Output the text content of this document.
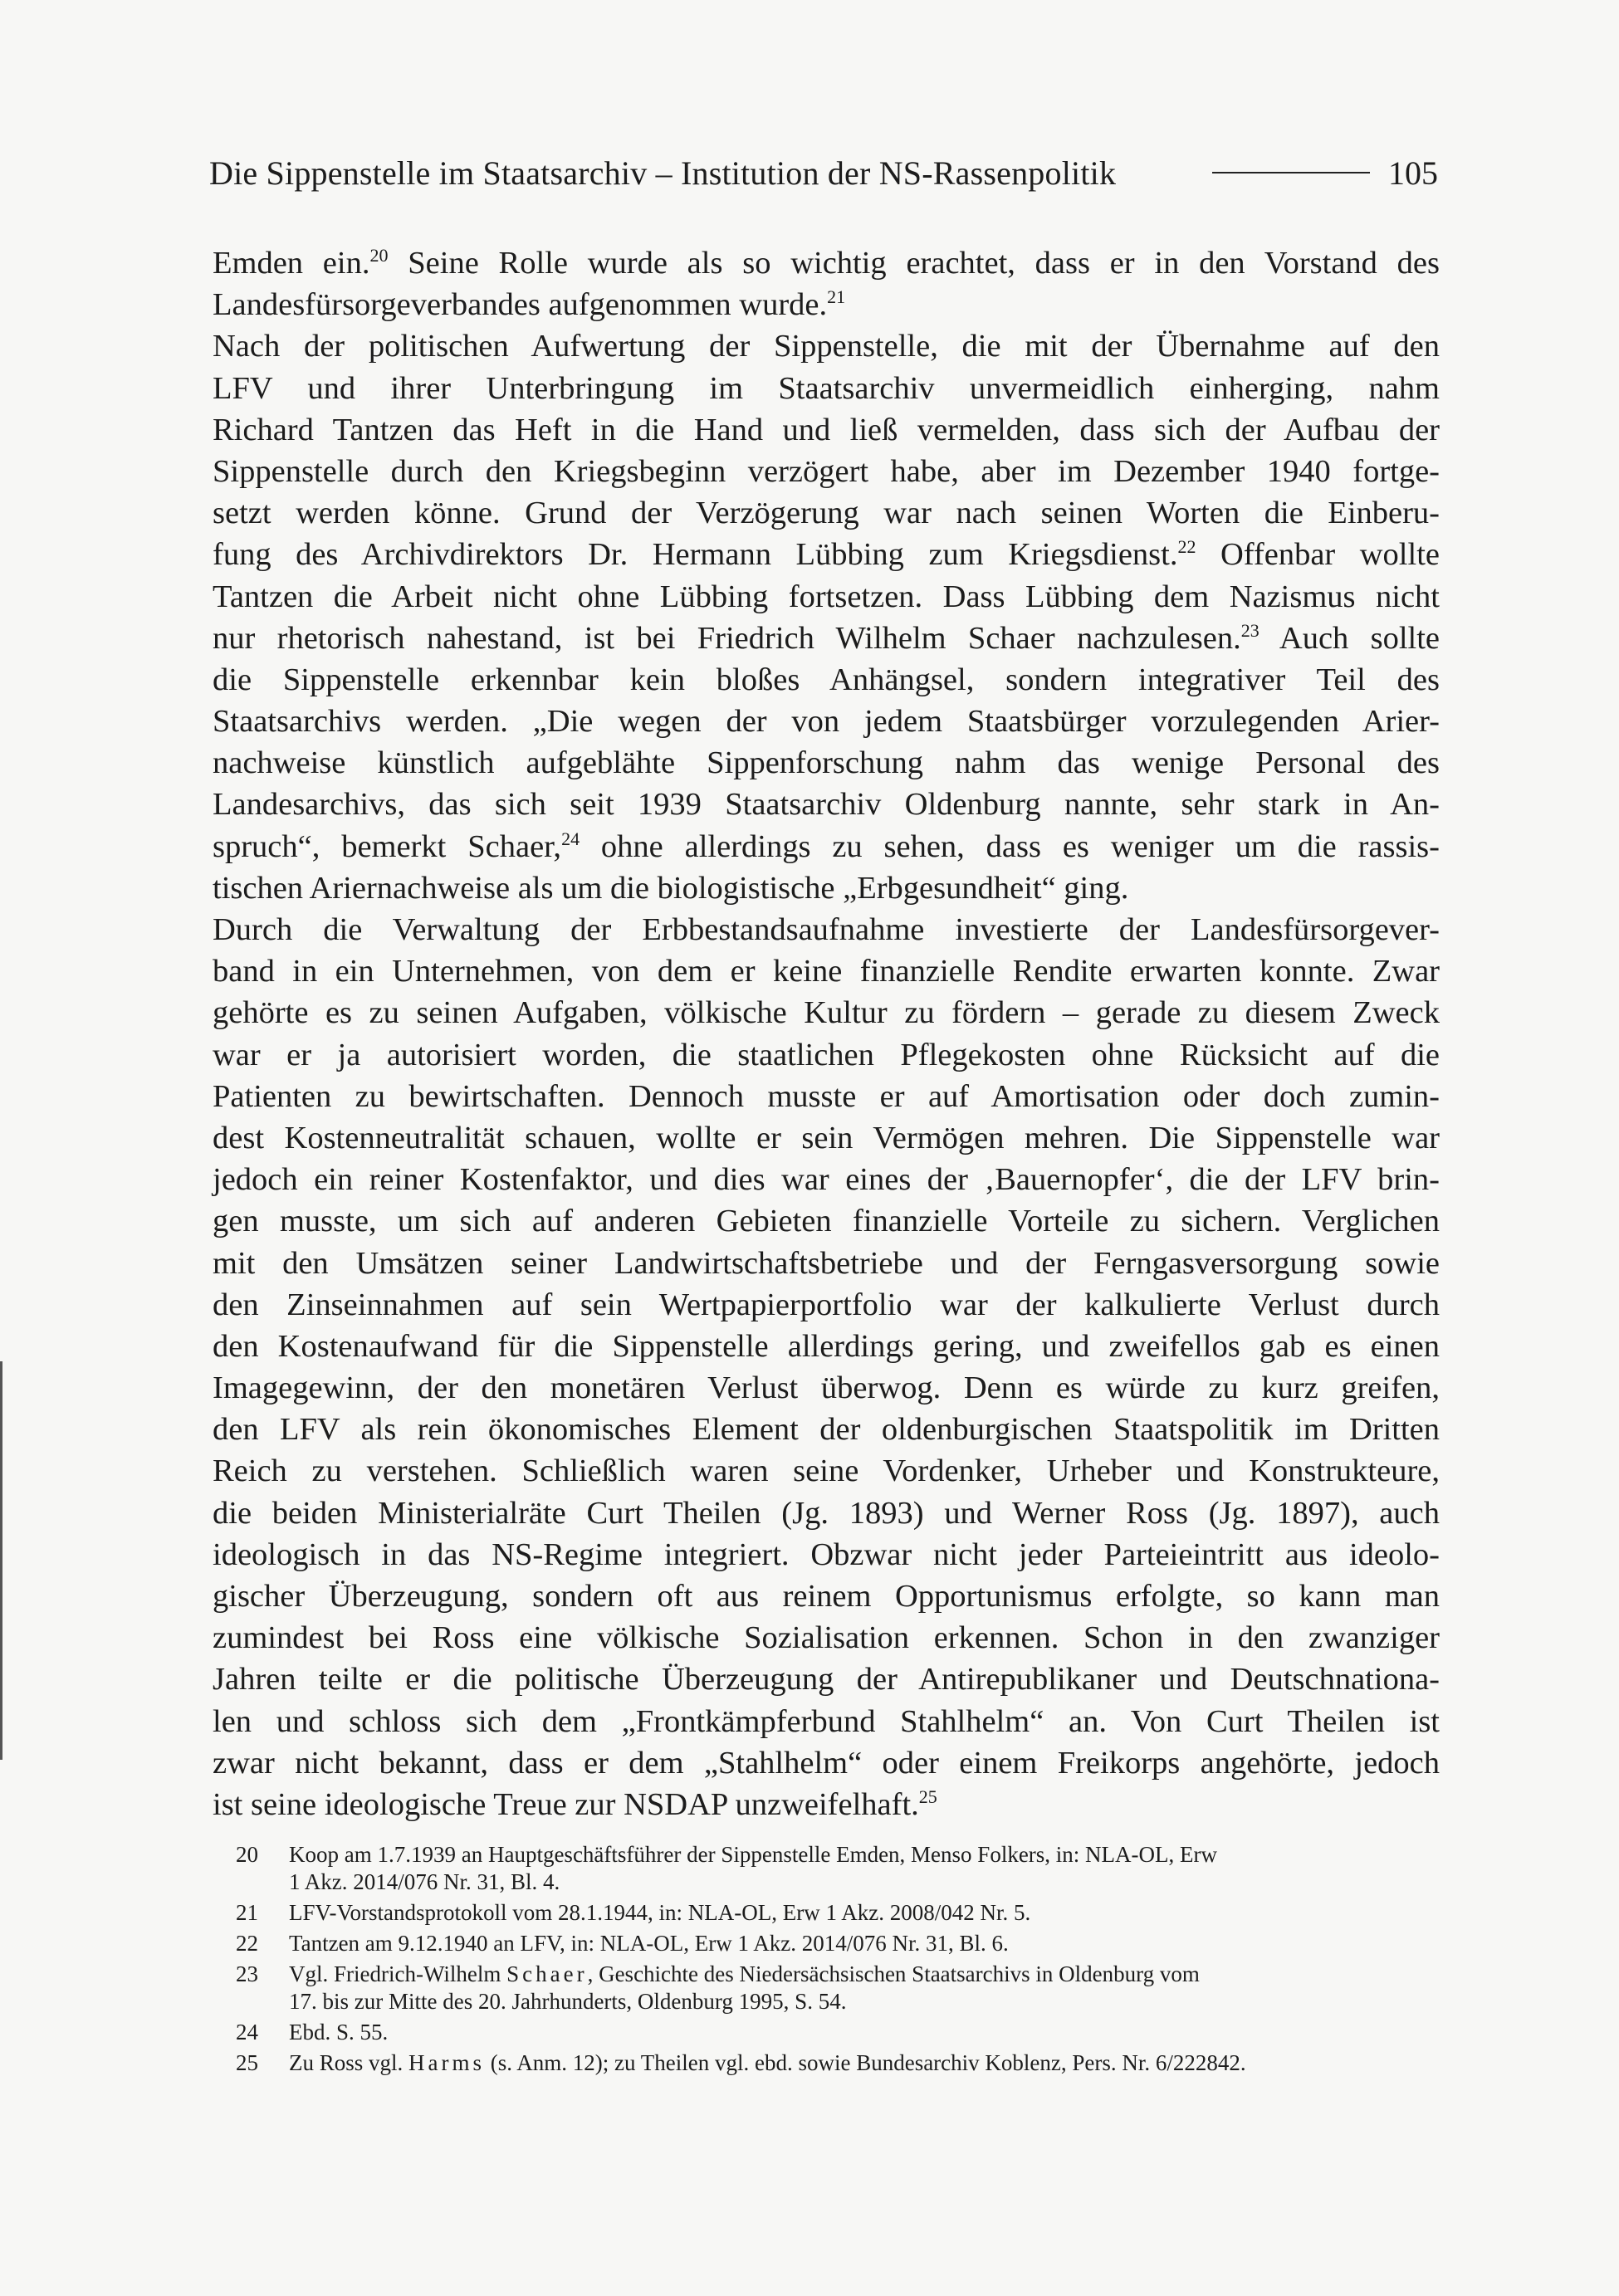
Die Sippenstelle im Staatsarchiv – Institution der NS-Rassenpolitik	105
Emden ein.$^{20}$ Seine Rolle wurde als so wichtig erachtet, dass er in den Vorstand des
Landesfürsorgeverbandes aufgenommen wurde.$^{21}$
Nach der politischen Aufwertung der Sippenstelle, die mit der Übernahme auf den
LFV und ihrer Unterbringung im Staatsarchiv unvermeidlich einherging, nahm
Richard Tantzen das Heft in die Hand und ließ vermelden, dass sich der Aufbau der
Sippenstelle durch den Kriegsbeginn verzögert habe, aber im Dezember 1940 fortge-
setzt werden könne. Grund der Verzögerung war nach seinen Worten die Einberu-
fung des Archivdirektors Dr. Hermann Lübbing zum Kriegsdienst.$^{22}$ Offenbar wollte
Tantzen die Arbeit nicht ohne Lübbing fortsetzen. Dass Lübbing dem Nazismus nicht
nur rhetorisch nahestand, ist bei Friedrich Wilhelm Schaer nachzulesen.$^{23}$ Auch sollte
die Sippenstelle erkennbar kein bloßes Anhängsel, sondern integrativer Teil des
Staatsarchivs werden. „Die wegen der von jedem Staatsbürger vorzulegenden Arier-
nachweise künstlich aufgeblähte Sippenforschung nahm das wenige Personal des
Landesarchivs, das sich seit 1939 Staatsarchiv Oldenburg nannte, sehr stark in An-
spruch“, bemerkt Schaer,$^{24}$ ohne allerdings zu sehen, dass es weniger um die rassis-
tischen Ariernachweise als um die biologistische „Erbgesundheit“ ging.
Durch die Verwaltung der Erbbestandsaufnahme investierte der Landesfürsorgever-
band in ein Unternehmen, von dem er keine finanzielle Rendite erwarten konnte. Zwar
gehörte es zu seinen Aufgaben, völkische Kultur zu fördern – gerade zu diesem Zweck
war er ja autorisiert worden, die staatlichen Pflegekosten ohne Rücksicht auf die
Patienten zu bewirtschaften. Dennoch musste er auf Amortisation oder doch zumin-
dest Kostenneutralität schauen, wollte er sein Vermögen mehren. Die Sippenstelle war
jedoch ein reiner Kostenfaktor, und dies war eines der ‚Bauernopfer‘, die der LFV brin-
gen musste, um sich auf anderen Gebieten finanzielle Vorteile zu sichern. Verglichen
mit den Umsätzen seiner Landwirtschaftsbetriebe und der Ferngasversorgung sowie
den Zinseinnahmen auf sein Wertpapierportfolio war der kalkulierte Verlust durch
den Kostenaufwand für die Sippenstelle allerdings gering, und zweifellos gab es einen
Imagegewinn, der den monetären Verlust überwog. Denn es würde zu kurz greifen,
den LFV als rein ökonomisches Element der oldenburgischen Staatspolitik im Dritten
Reich zu verstehen. Schließlich waren seine Vordenker, Urheber und Konstrukteure,
die beiden Ministerialräte Curt Theilen (Jg. 1893) und Werner Ross (Jg. 1897), auch
ideologisch in das NS-Regime integriert. Obzwar nicht jeder Parteieintritt aus ideolo-
gischer Überzeugung, sondern oft aus reinem Opportunismus erfolgte, so kann man
zumindest bei Ross eine völkische Sozialisation erkennen. Schon in den zwanziger
Jahren teilte er die politische Überzeugung der Antirepublikaner und Deutschnationa-
len und schloss sich dem „Frontkämpferbund Stahlhelm“ an. Von Curt Theilen ist
zwar nicht bekannt, dass er dem „Stahlhelm“ oder einem Freikorps angehörte, jedoch
ist seine ideologische Treue zur NSDAP unzweifelhaft.$^{25}$
20	Koop am 1.7.1939 an Hauptgeschäftsführer der Sippenstelle Emden, Menso Folkers, in: NLA-OL, Erw
1 Akz. 2014/076 Nr. 31, Bl. 4.
21	LFV-Vorstandsprotokoll vom 28.1.1944, in: NLA-OL, Erw 1 Akz. 2008/042 Nr. 5.
22	Tantzen am 9.12.1940 an LFV, in: NLA-OL, Erw 1 Akz. 2014/076 Nr. 31, Bl. 6.
23	Vgl. Friedrich-Wilhelm Schaer, Geschichte des Niedersächsischen Staatsarchivs in Oldenburg vom
17. bis zur Mitte des 20. Jahrhunderts, Oldenburg 1995, S. 54.
24	Ebd. S. 55.
25	Zu Ross vgl. Harms (s. Anm. 12); zu Theilen vgl. ebd. sowie Bundesarchiv Koblenz, Pers. Nr. 6/222842.
